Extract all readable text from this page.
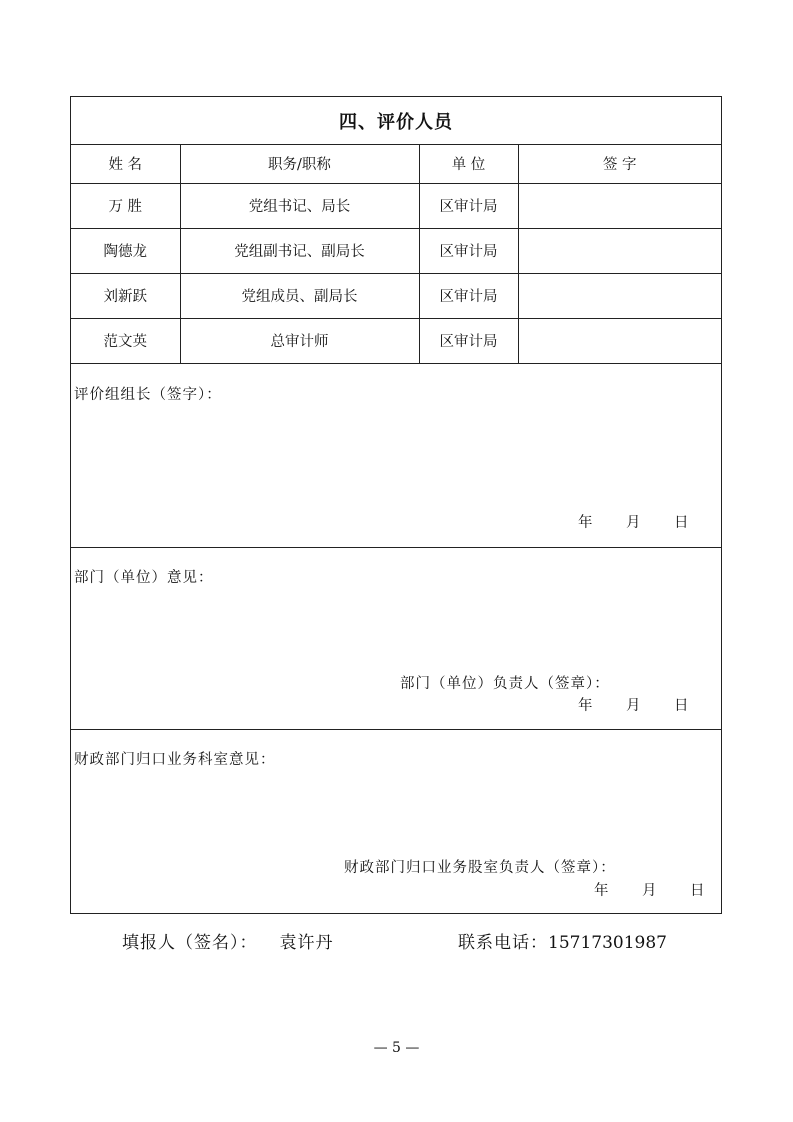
四、评价人员
姓 名	职务/职称	单 位	签 字
万 胜	党组书记、局长	区审计局	
陶德龙	党组副书记、副局长	区审计局	
刘新跃	党组成员、副局长	区审计局	
范文英	总审计师	区审计局	
评价组组长（签字）：
年	月	日
部门（单位）意见：
部门（单位）负责人（签章）：
年	月	日
财政部门归口业务科室意见：
财政部门归口业务股室负责人（签章）：
年	月	日
填报人（签名）： 袁许丹	联系电话：15717301987
— 5 —
